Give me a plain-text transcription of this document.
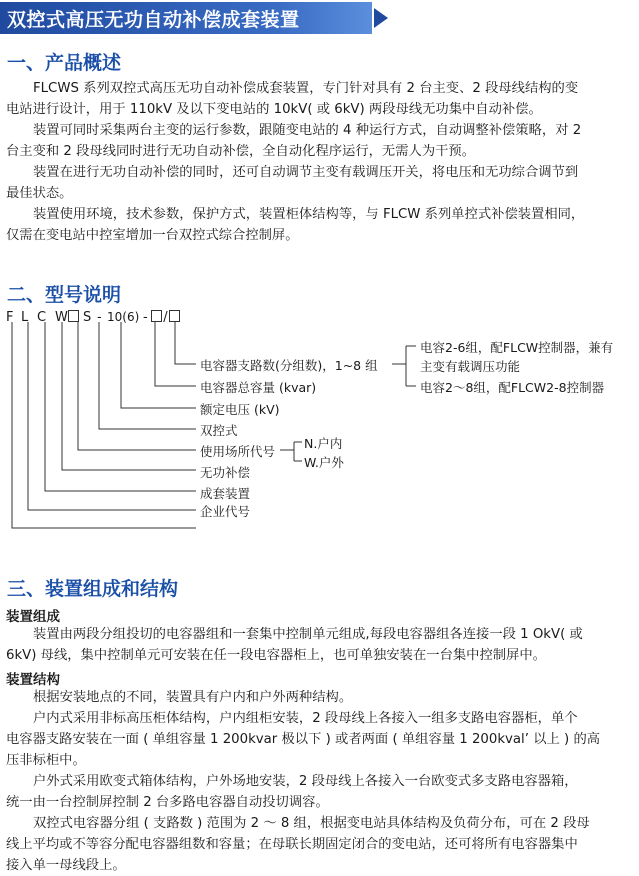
双控式高压无功自动补偿成套装置
一、产品概述
FLCWS 系列双控式高压无功自动补偿成套装置，专门针对具有 2 台主变、2 段母线结构的变
电站进行设计，用于 110kV 及以下变电站的 10kV( 或 6kV) 两段母线无功集中自动补偿。
装置可同时采集两台主变的运行参数，跟随变电站的 4 种运行方式，自动调整补偿策略，对 2
台主变和 2 段母线同时进行无功自动补偿，全自动化程序运行，无需人为干预。
装置在进行无功自动补偿的同时，还可自动调节主变有载调压开关，将电压和无功综合调节到
最佳状态。
装置使用环境，技术参数，保护方式，装置柜体结构等，与 FLCW 系列单控式补偿装置相同，
仅需在变电站中控室增加一台双控式综合控制屏。
二、型号说明
F L C W S - 10(6) - /
电容器支路数(分组数)，1~8 组
电容器总容量 (kvar)
额定电压 (kV)
双控式
使用场所代号
无功补偿
成套装置
企业代号
N.户内
W.户外
电容2-6组，配FLCW控制器，兼有
主变有载调压功能
电容2～8组，配FLCW2-8控制器
三、装置组成和结构
装置组成
装置由两段分组投切的电容器组和一套集中控制单元组成,每段电容器组各连接一段 1 OkV( 或
6kV) 母线，集中控制单元可安装在任一段电容器柜上，也可单独安装在一台集中控制屏中。
装置结构
根据安装地点的不同，装置具有户内和户外两种结构。
户内式采用非标高压柜体结构，户内组柜安装，2 段母线上各接入一组多支路电容器柜，单个
电容器支路安装在一面 ( 单组容量 1 200kvar 极以下 ) 或者两面 ( 单组容量 1 200kval’ 以上 ) 的高
压非标柜中。
户外式采用欧变式箱体结构，户外场地安装，2 段母线上各接入一台欧变式多支路电容器箱，
统一由一台控制屏控制 2 台多路电容器自动投切调容。
双控式电容器分组 ( 支路数 ) 范围为 2 ～ 8 组，根据变电站具体结构及负荷分布，可在 2 段母
线上平均或不等容分配电容器组数和容量；在母联长期固定闭合的变电站，还可将所有电容器集中
接入单一母线段上。
